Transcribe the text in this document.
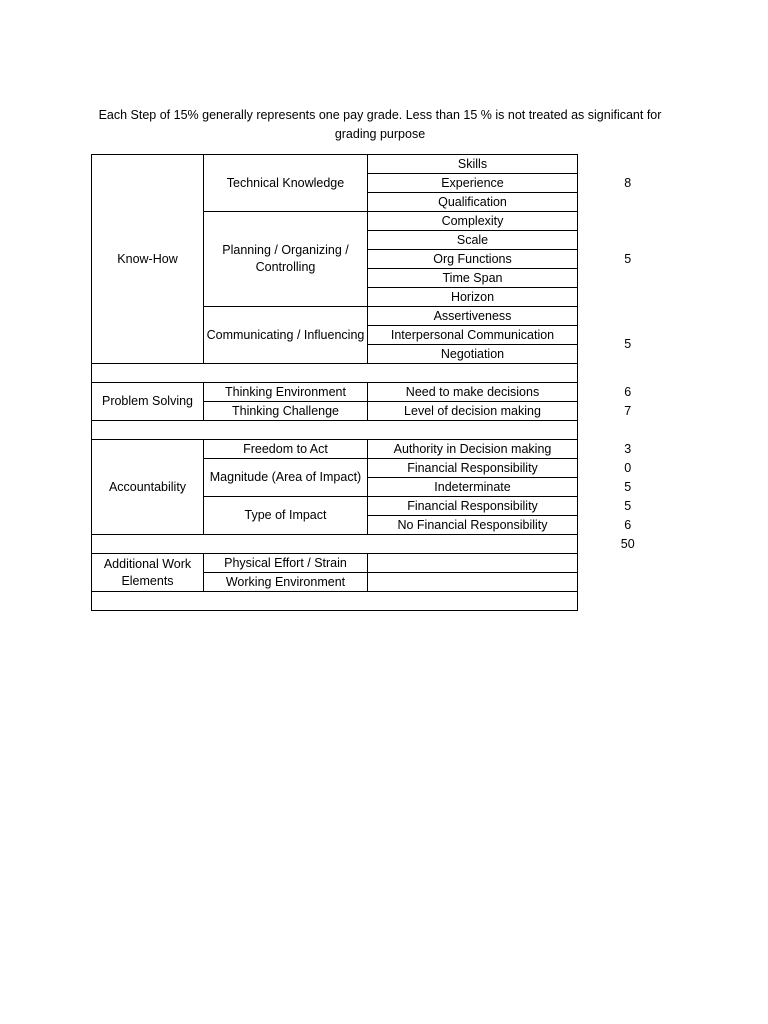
Each Step of 15% generally represents one pay grade. Less than 15 % is not treated as significant for
grading purpose
Know-How	Technical Knowledge	Skills	8
		Experience	
		Qualification	
	Planning / Organizing / Controlling	Complexity	5
		Scale	
		Org Functions	
		Time Span	
		Horizon	
	Communicating / Influencing	Assertiveness	
		Interpersonal Communication	5
		Negotiation	

Problem Solving	Thinking Environment	Need to make decisions	6
	Thinking Challenge	Level of decision making	7

Accountability	Freedom to Act	Authority in Decision making	3
	Magnitude (Area of Impact)	Financial Responsibility	0
		Indeterminate	5
	Type of Impact	Financial Responsibility	5
		No Financial Responsibility	6
			50
Additional Work Elements	Physical Effort / Strain		
	Working Environment		
